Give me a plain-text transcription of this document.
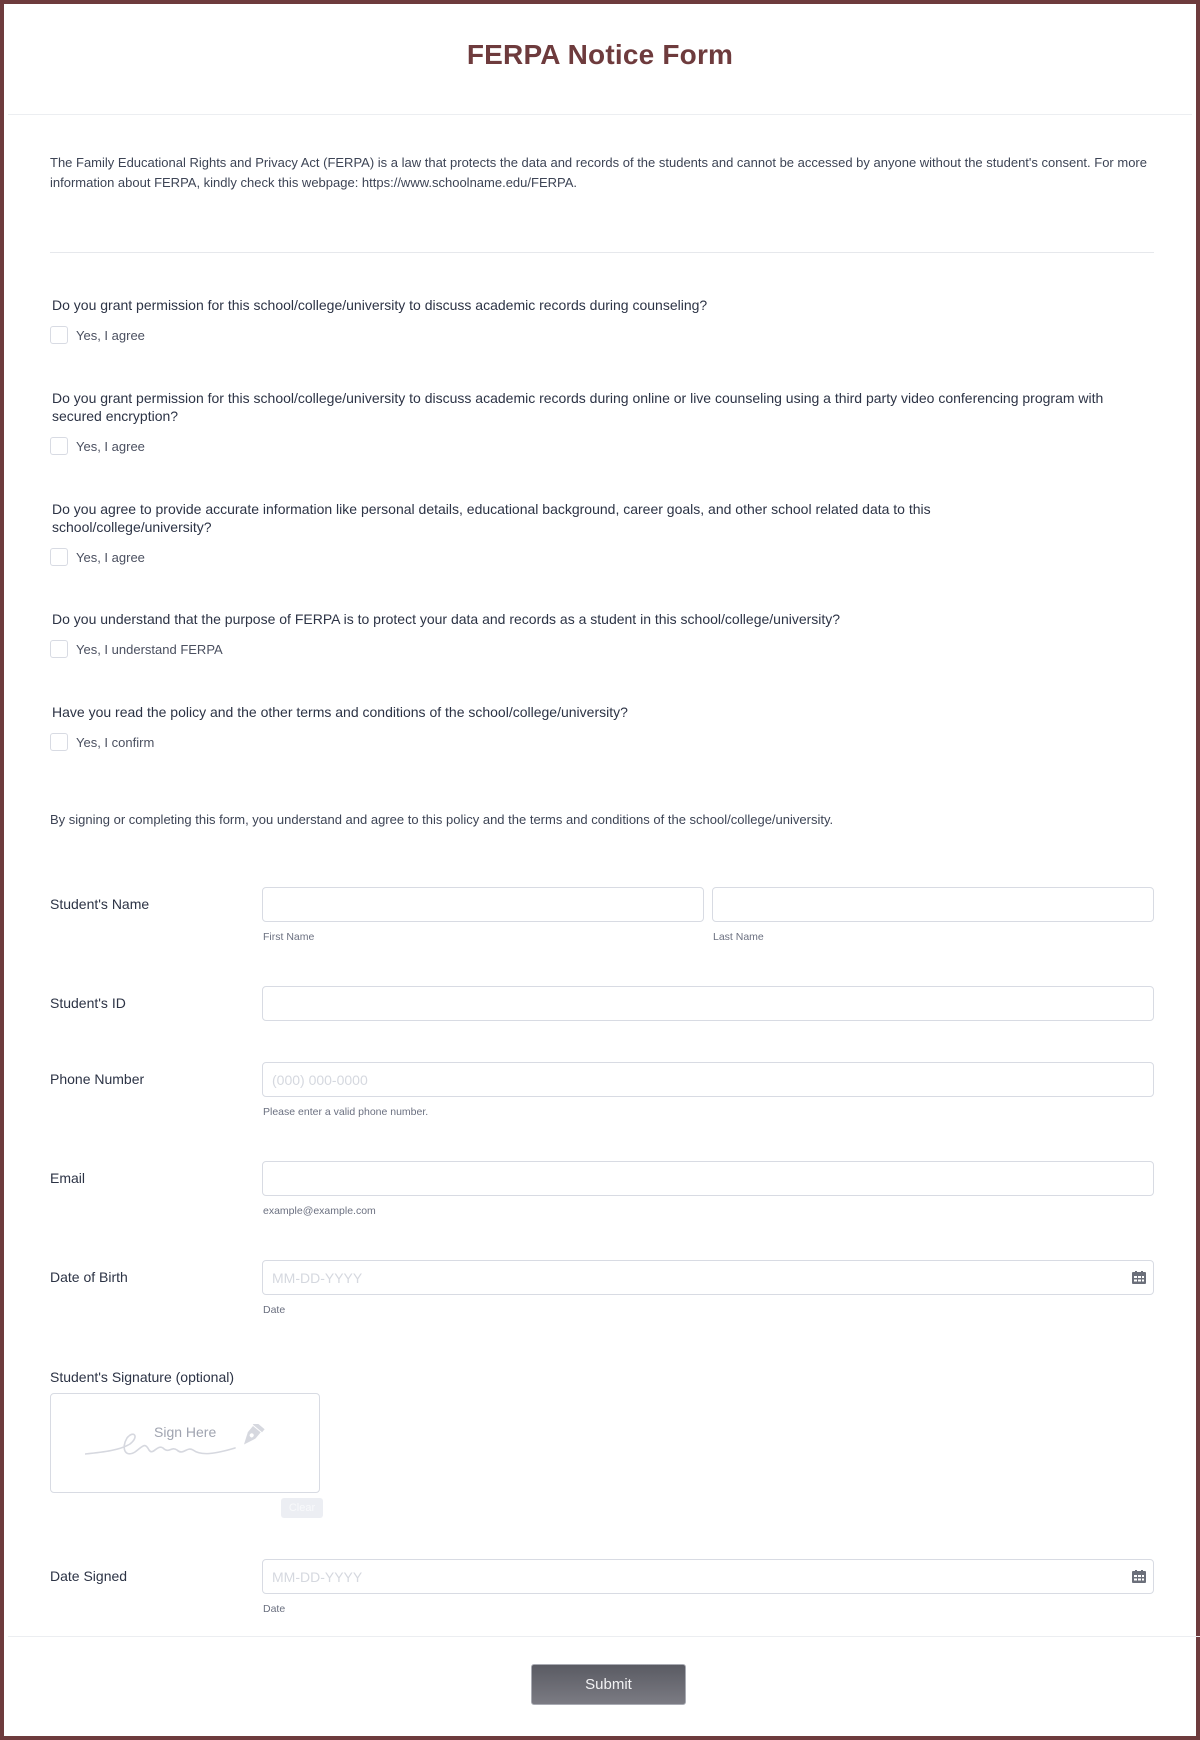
FERPA Notice Form

The Family Educational Rights and Privacy Act (FERPA) is a law that protects the data and records of the students and cannot be accessed by anyone without the student's consent. For more information about FERPA, kindly check this webpage: https://www.schoolname.edu/FERPA.

Do you grant permission for this school/college/university to discuss academic records during counseling?
Yes, I agree
Do you grant permission for this school/college/university to discuss academic records during online or live counseling using a third party video conferencing program with secured encryption?
Yes, I agree
Do you agree to provide accurate information like personal details, educational background, career goals, and other school related data to this school/college/university?
Yes, I agree
Do you understand that the purpose of FERPA is to protect your data and records as a student in this school/college/university?
Yes, I understand FERPA
Have you read the policy and the other terms and conditions of the school/college/university?
Yes, I confirm

By signing or completing this form, you understand and agree to this policy and the terms and conditions of the school/college/university.

Student's Name
First Name	Last Name
Student's ID
Phone Number
(000) 000-0000
Please enter a valid phone number.
Email
example@example.com
Date of Birth
MM-DD-YYYY
Date
Student's Signature (optional)
Sign Here
Clear
Date Signed
MM-DD-YYYY
Date
Submit
